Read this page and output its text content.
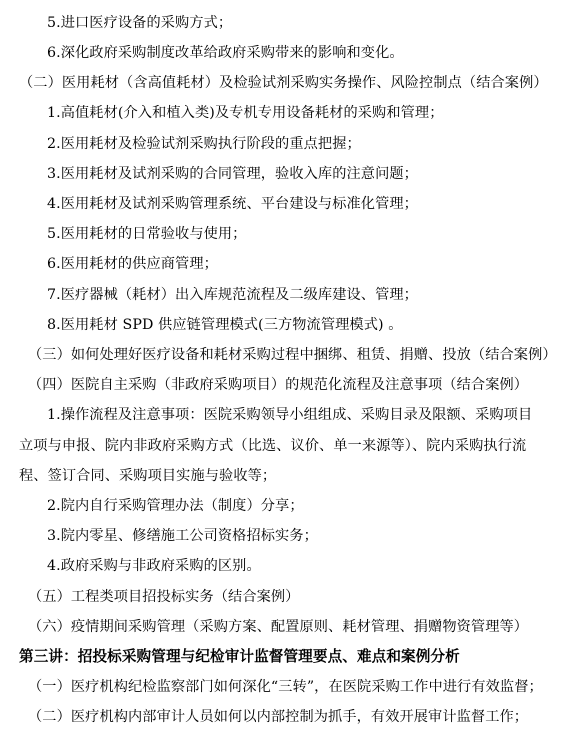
5.进口医疗设备的采购方式；
6.深化政府采购制度改革给政府采购带来的影响和变化。
（二）医用耗材（含高值耗材）及检验试剂采购实务操作、风险控制点（结合案例）
1.高值耗材(介入和植入类)及专机专用设备耗材的采购和管理；
2.医用耗材及检验试剂采购执行阶段的重点把握；
3.医用耗材及试剂采购的合同管理，验收入库的注意问题；
4.医用耗材及试剂采购管理系统、平台建设与标准化管理；
5.医用耗材的日常验收与使用；
6.医用耗材的供应商管理；
7.医疗器械（耗材）出入库规范流程及二级库建设、管理；
8.医用耗材 SPD 供应链管理模式(三方物流管理模式) 。
（三）如何处理好医疗设备和耗材采购过程中捆绑、租赁、捐赠、投放（结合案例）
（四）医院自主采购（非政府采购项目）的规范化流程及注意事项（结合案例）
1.操作流程及注意事项：医院采购领导小组组成、采购目录及限额、采购项目
立项与申报、院内非政府采购方式（比选、议价、单一来源等）、院内采购执行流
程、签订合同、采购项目实施与验收等；
2.院内自行采购管理办法（制度）分享；
3.院内零星、修缮施工公司资格招标实务；
4.政府采购与非政府采购的区别。
（五）工程类项目招投标实务（结合案例）
（六）疫情期间采购管理（采购方案、配置原则、耗材管理、捐赠物资管理等）
第三讲：招投标采购管理与纪检审计监督管理要点、难点和案例分析
（一）医疗机构纪检监察部门如何深化“三转”，在医院采购工作中进行有效监督；
（二）医疗机构内部审计人员如何以内部控制为抓手，有效开展审计监督工作；
